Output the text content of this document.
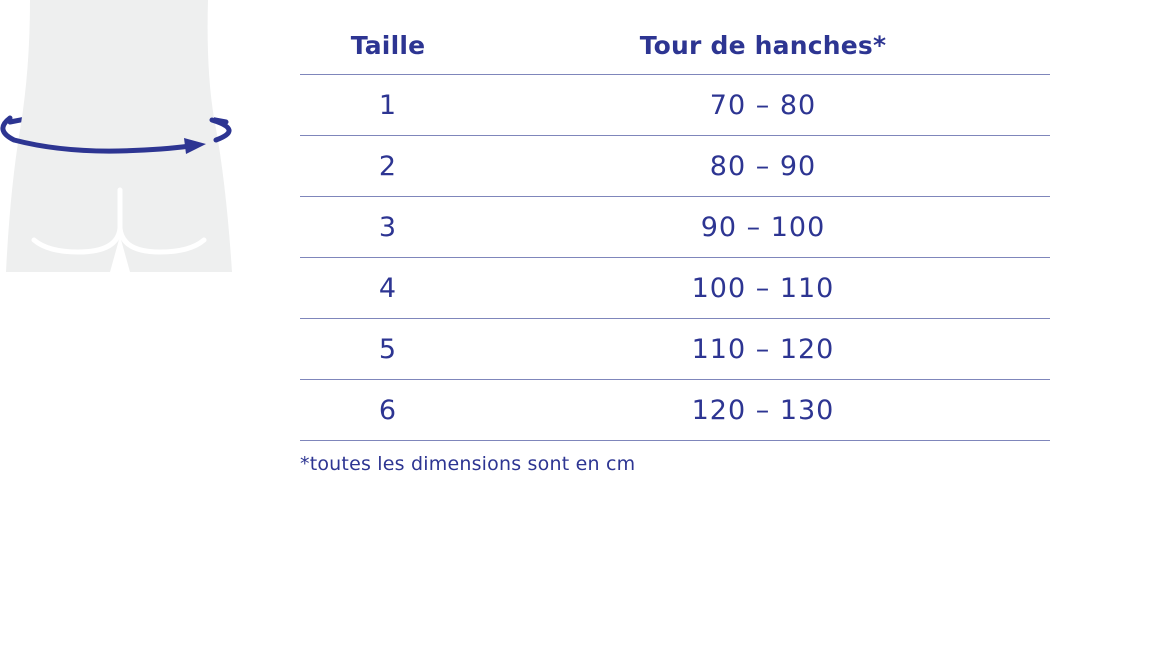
Taille	Tour de hanches*
1	70 – 80
2	80 – 90
3	90 – 100
4	100 – 110
5	110 – 120
6	120 – 130
*toutes les dimensions sont en cm
